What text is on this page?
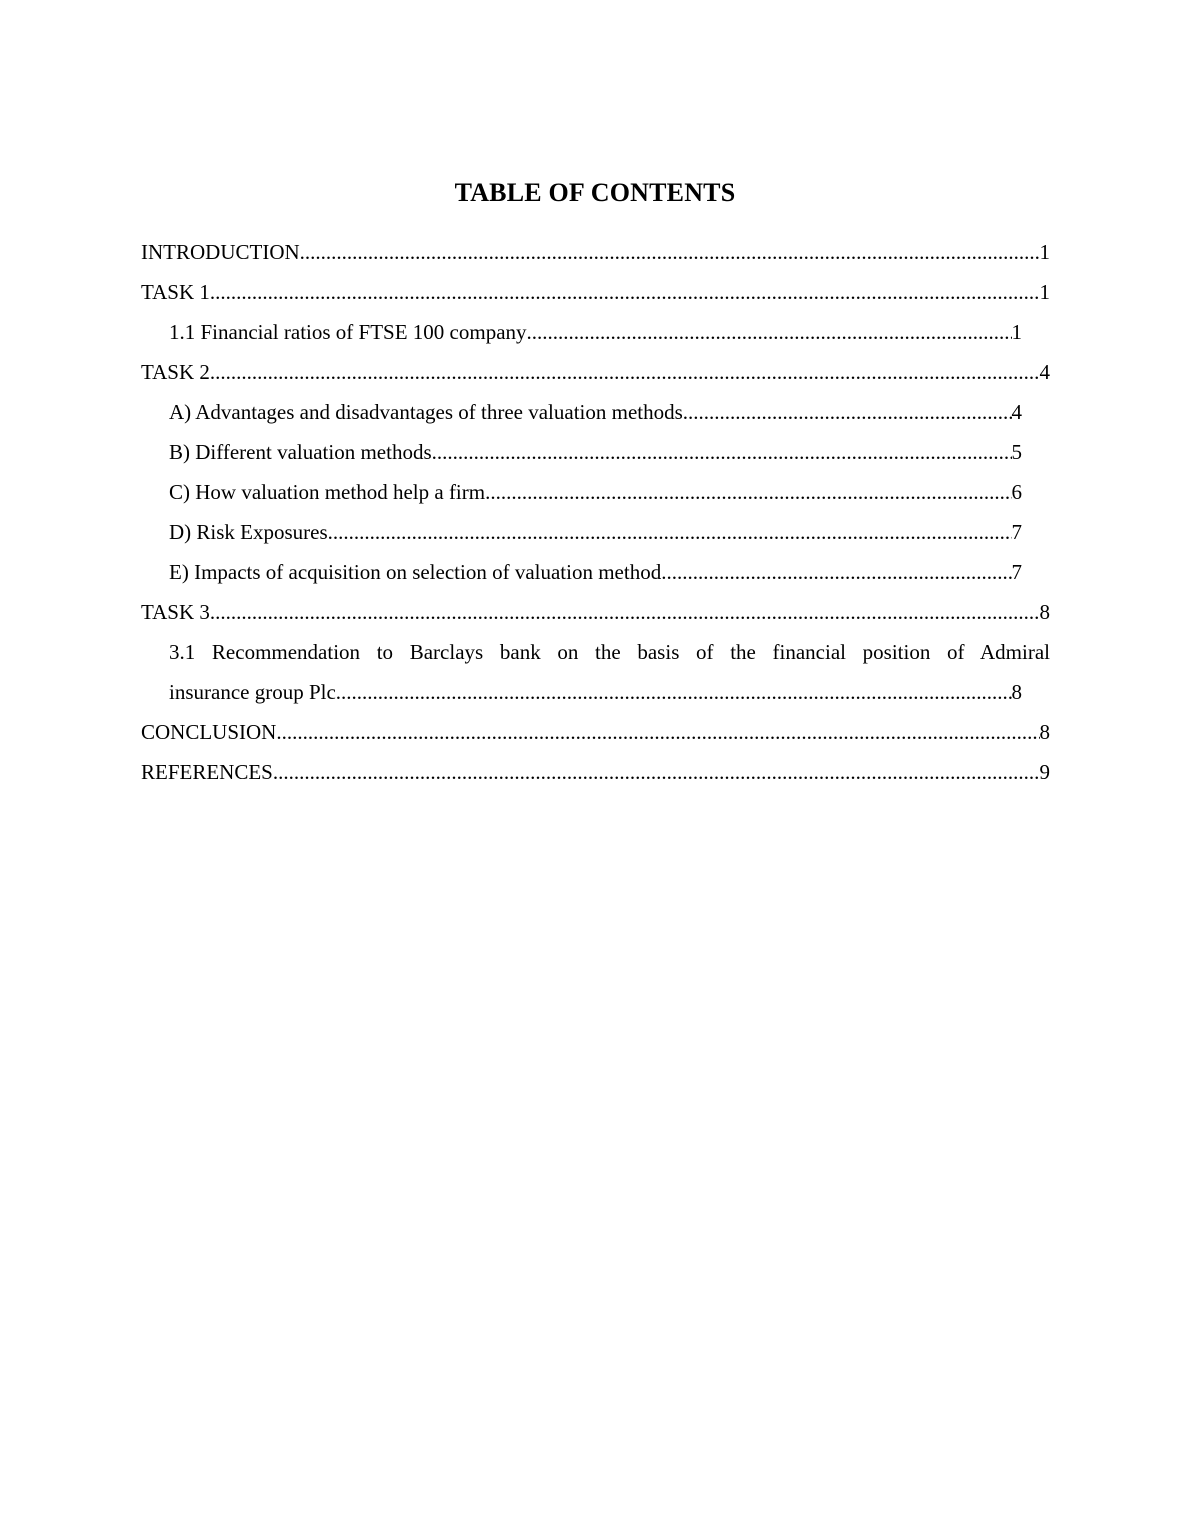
TABLE OF CONTENTS
INTRODUCTION .....	1
TASK 1 .....	1
1.1 Financial ratios of FTSE 100 company .....	1
TASK 2 .....	4
A) Advantages and disadvantages of three valuation methods .....	4
B) Different valuation methods .....	5
C) How valuation method help a firm .....	6
D) Risk Exposures .....	7
E) Impacts of acquisition on selection of valuation method .....	7
TASK 3 .....	8
3.1 Recommendation to Barclays bank on the basis of the financial position of Admiral
insurance group Plc .....	8
CONCLUSION .....	8
REFERENCES .....	9
